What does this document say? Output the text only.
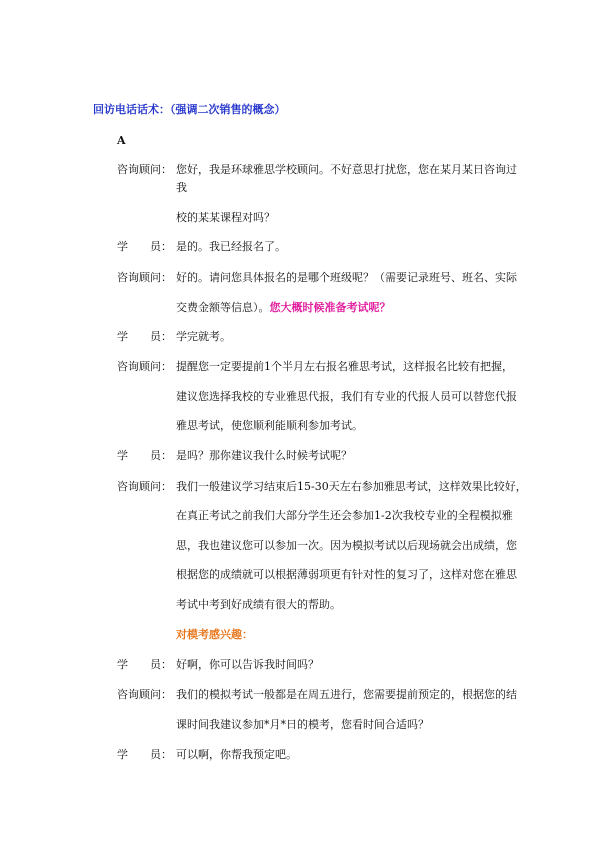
回访电话话术：（强调二次销售的概念）
A
咨询顾问： 您好，我是环球雅思学校顾问。不好意思打扰您，您在某月某日咨询过
我
校的某某课程对吗？
学　　员： 是的。我已经报名了。
咨询顾问： 好的。请问您具体报名的是哪个班级呢？（需要记录班号、班名、实际
交费金额等信息）。您大概时候准备考试呢？
学　　员： 学完就考。
咨询顾问： 提醒您一定要提前1个半月左右报名雅思考试，这样报名比较有把握，
建议您选择我校的专业雅思代报，我们有专业的代报人员可以替您代报
雅思考试，使您顺利能顺利参加考试。
学　　员： 是吗？那你建议我什么时候考试呢？
咨询顾问： 我们一般建议学习结束后15-30天左右参加雅思考试，这样效果比较好，
在真正考试之前我们大部分学生还会参加1-2次我校专业的全程模拟雅
思，我也建议您可以参加一次。因为模拟考试以后现场就会出成绩，您
根据您的成绩就可以根据薄弱项更有针对性的复习了，这样对您在雅思
考试中考到好成绩有很大的帮助。
对模考感兴趣：
学　　员： 好啊，你可以告诉我时间吗？
咨询顾问： 我们的模拟考试一般都是在周五进行，您需要提前预定的，根据您的结
课时间我建议参加*月*日的模考，您看时间合适吗？
学　　员： 可以啊，你帮我预定吧。
